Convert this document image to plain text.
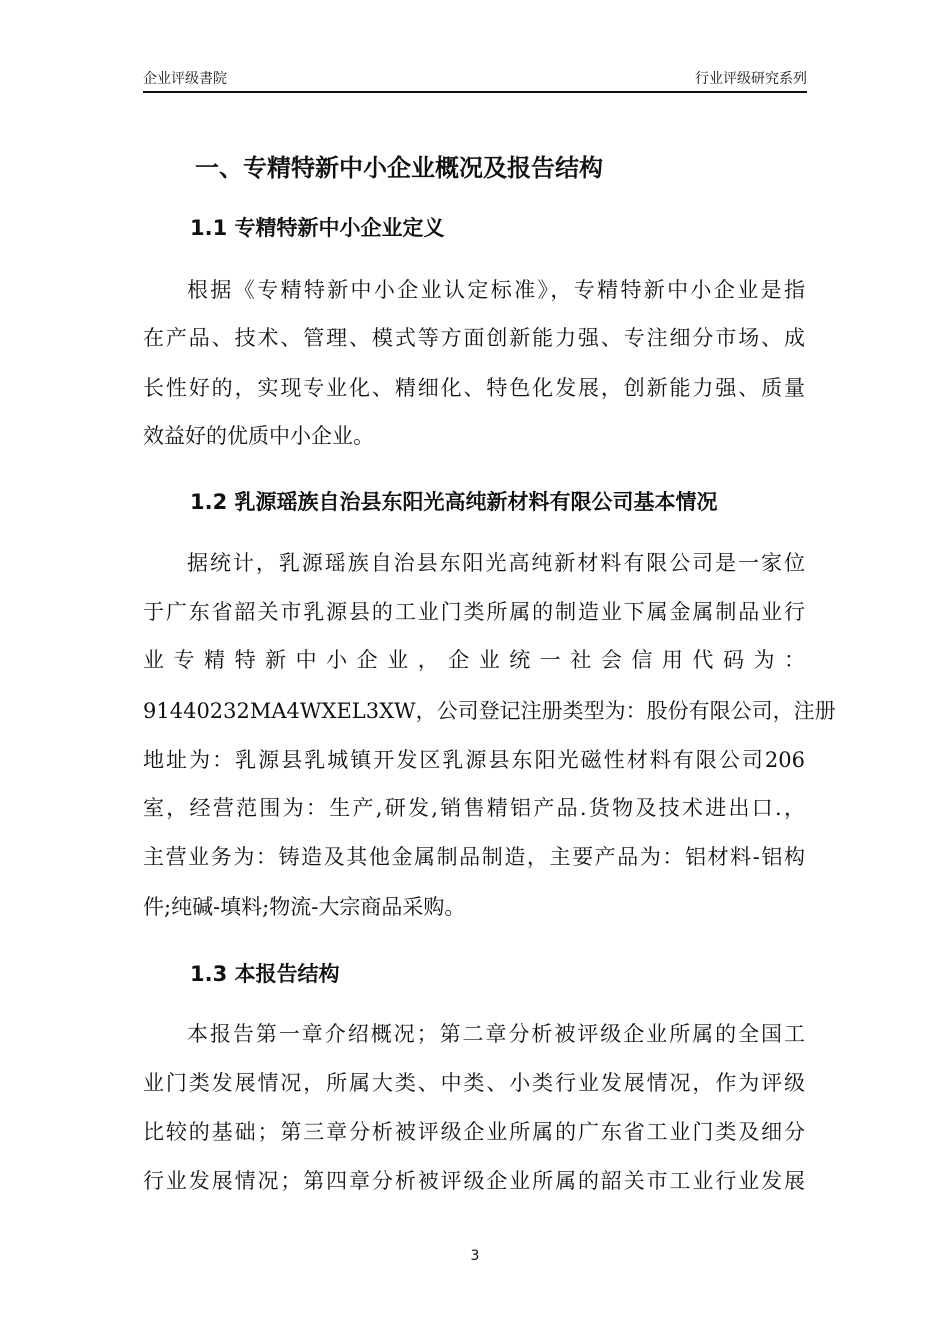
企业评级書院	行业评级研究系列
一、专精特新中小企业概况及报告结构
1.1 专精特新中小企业定义
根据《专精特新中小企业认定标准》，专精特新中小企业是指
在产品、技术、管理、模式等方面创新能力强、专注细分市场、成
长性好的，实现专业化、精细化、特色化发展，创新能力强、质量
效益好的优质中小企业。
1.2 乳源瑶族自治县东阳光高纯新材料有限公司基本情况
据统计，乳源瑶族自治县东阳光高纯新材料有限公司是一家位
于广东省韶关市乳源县的工业门类所属的制造业下属金属制品业行
业专精特新中小企业，企业统一社会信用代码为：
91440232MA4WXEL3XW，公司登记注册类型为：股份有限公司，注册
地址为：乳源县乳城镇开发区乳源县东阳光磁性材料有限公司206
室，经营范围为：生产,研发,销售精铝产品.货物及技术进出口.，
主营业务为：铸造及其他金属制品制造，主要产品为：铝材料-铝构
件;纯碱-填料;物流-大宗商品采购。
1.3 本报告结构
本报告第一章介绍概况；第二章分析被评级企业所属的全国工
业门类发展情况，所属大类、中类、小类行业发展情况，作为评级
比较的基础；第三章分析被评级企业所属的广东省工业门类及细分
行业发展情况；第四章分析被评级企业所属的韶关市工业行业发展
3
